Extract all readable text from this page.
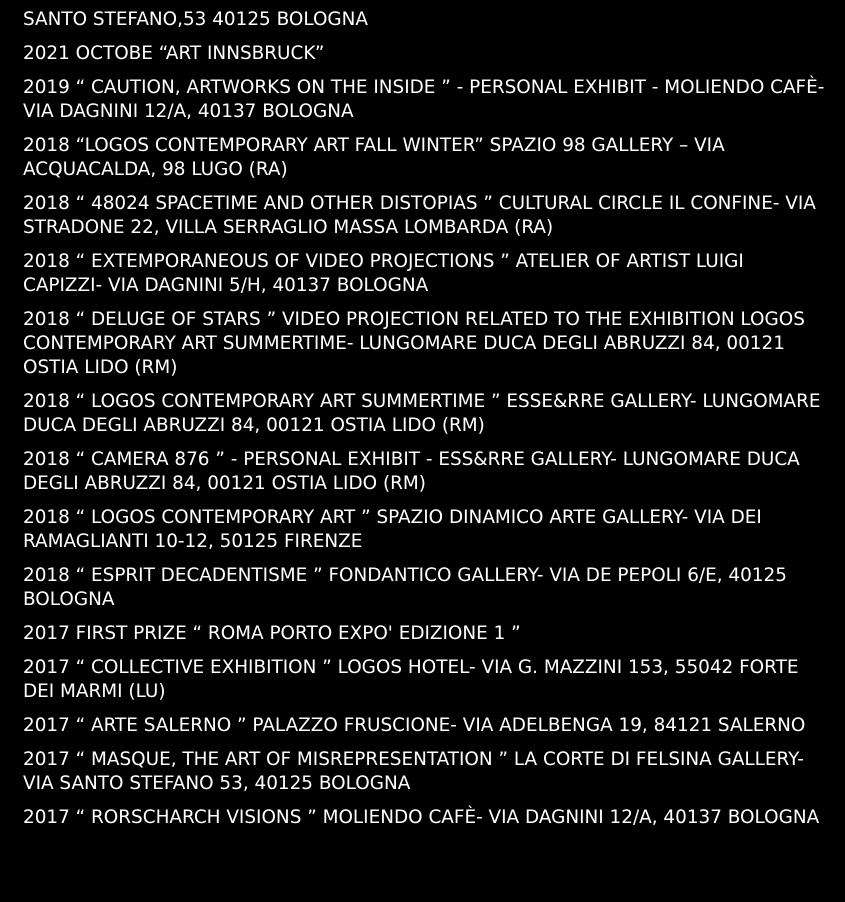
SANTO STEFANO,53 40125 BOLOGNA
2021 OCTOBE “ART INNSBRUCK”
2019 “ CAUTION, ARTWORKS ON THE INSIDE ” - PERSONAL EXHIBIT - MOLIENDO CAFÈ- VIA DAGNINI 12/A, 40137 BOLOGNA
2018 “LOGOS CONTEMPORARY ART FALL WINTER” SPAZIO 98 GALLERY – VIA ACQUACALDA, 98 LUGO (RA)
2018 “ 48024 SPACETIME AND OTHER DISTOPIAS ” CULTURAL CIRCLE IL CONFINE- VIA STRADONE 22, VILLA SERRAGLIO MASSA LOMBARDA (RA)
2018 “ EXTEMPORANEOUS OF VIDEO PROJECTIONS ” ATELIER OF ARTIST LUIGI CAPIZZI- VIA DAGNINI 5/H, 40137 BOLOGNA
2018 “ DELUGE OF STARS ” VIDEO PROJECTION RELATED TO THE EXHIBITION LOGOS CONTEMPORARY ART SUMMERTIME- LUNGOMARE DUCA DEGLI ABRUZZI 84, 00121 OSTIA LIDO (RM)
2018 “ LOGOS CONTEMPORARY ART SUMMERTIME ” ESSE&RRE GALLERY- LUNGOMARE DUCA DEGLI ABRUZZI 84, 00121 OSTIA LIDO (RM)
2018 “ CAMERA 876 ” - PERSONAL EXHIBIT - ESS&RRE GALLERY- LUNGOMARE DUCA DEGLI ABRUZZI 84, 00121 OSTIA LIDO (RM)
2018 “ LOGOS CONTEMPORARY ART ” SPAZIO DINAMICO ARTE GALLERY- VIA DEI RAMAGLIANTI 10-12, 50125 FIRENZE
2018 “ ESPRIT DECADENTISME ” FONDANTICO GALLERY- VIA DE PEPOLI 6/E, 40125 BOLOGNA
2017 FIRST PRIZE “ ROMA PORTO EXPO' EDIZIONE 1 ”
2017 “ COLLECTIVE EXHIBITION ” LOGOS HOTEL- VIA G. MAZZINI 153, 55042 FORTE DEI MARMI (LU)
2017 “ ARTE SALERNO ” PALAZZO FRUSCIONE- VIA ADELBENGA 19, 84121 SALERNO
2017 “ MASQUE, THE ART OF MISREPRESENTATION ” LA CORTE DI FELSINA GALLERY- VIA SANTO STEFANO 53, 40125 BOLOGNA
2017 “ RORSCHARCH VISIONS ” MOLIENDO CAFÈ- VIA DAGNINI 12/A, 40137 BOLOGNA
